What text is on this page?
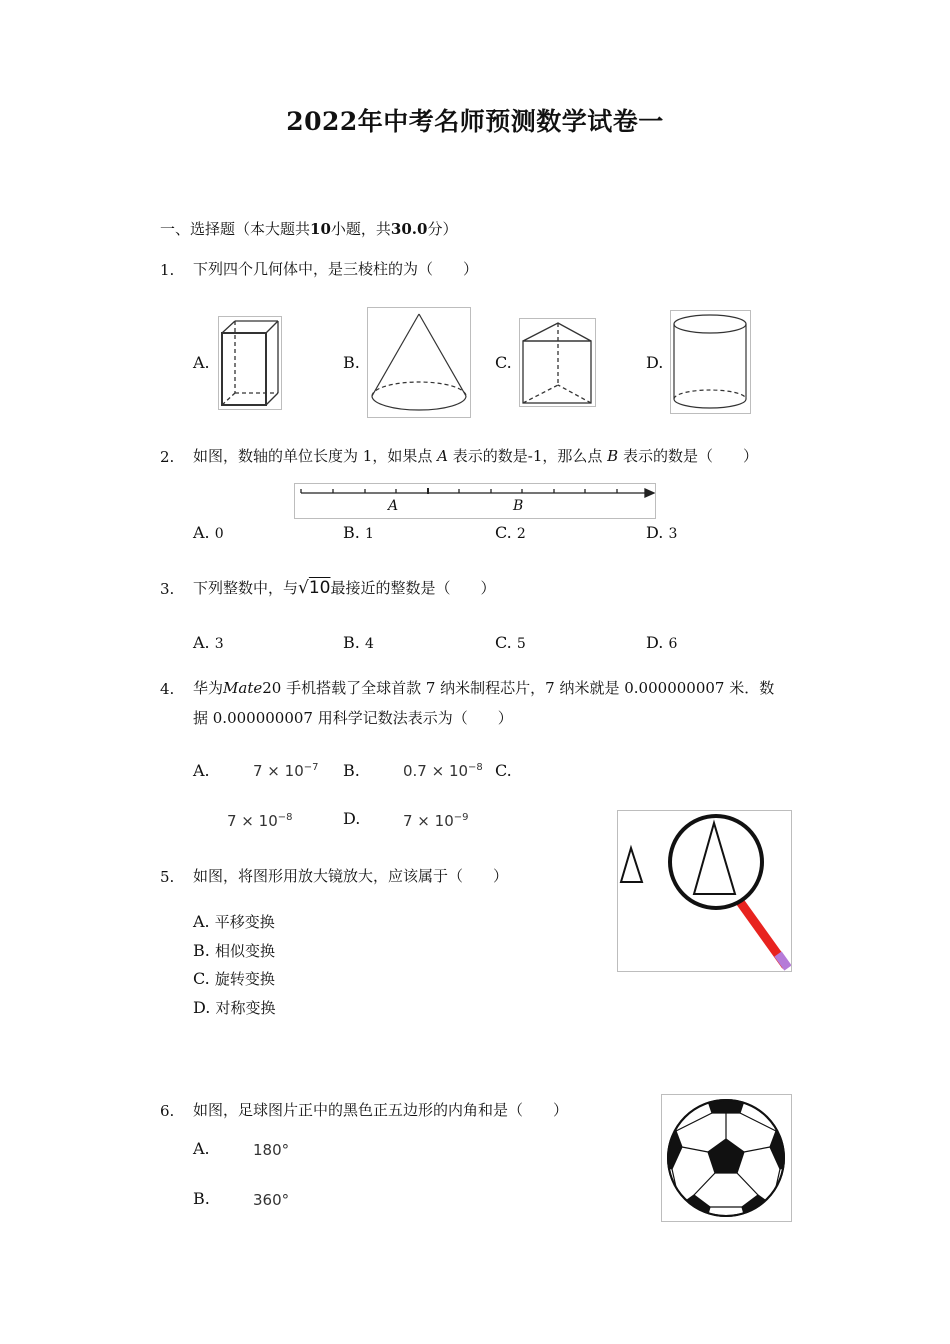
2022年中考名师预测数学试卷一
一、选择题（本大题共10小题，共30.0分）
1. 下列四个几何体中，是三棱柱的为（　　）
A.	B.	C.	D.
2. 如图，数轴的单位长度为 1，如果点 A 表示的数是-1，那么点 B 表示的数是（　　）
A	B
A. 0	B. 1	C. 2	D. 3
3. 下列整数中，与√10最接近的整数是（　　）
A. 3	B. 4	C. 5	D. 6
4. 华为Mate20 手机搭载了全球首款 7 纳米制程芯片，7 纳米就是 0.000000007 米．数
据 0.000000007 用科学记数法表示为（　　）
A.	$7 \times 10^{-7}$ B.	$0.7 \times 10^{-8}$ C.
$7 \times 10^{-8}$	D.	$7 \times 10^{-9}$
5. 如图，将图形用放大镜放大，应该属于（　　）
A. 平移变换
B. 相似变换
C. 旋转变换
D. 对称变换
6. 如图，足球图片正中的黑色正五边形的内角和是（　　）
A.	180°
B.	360°
